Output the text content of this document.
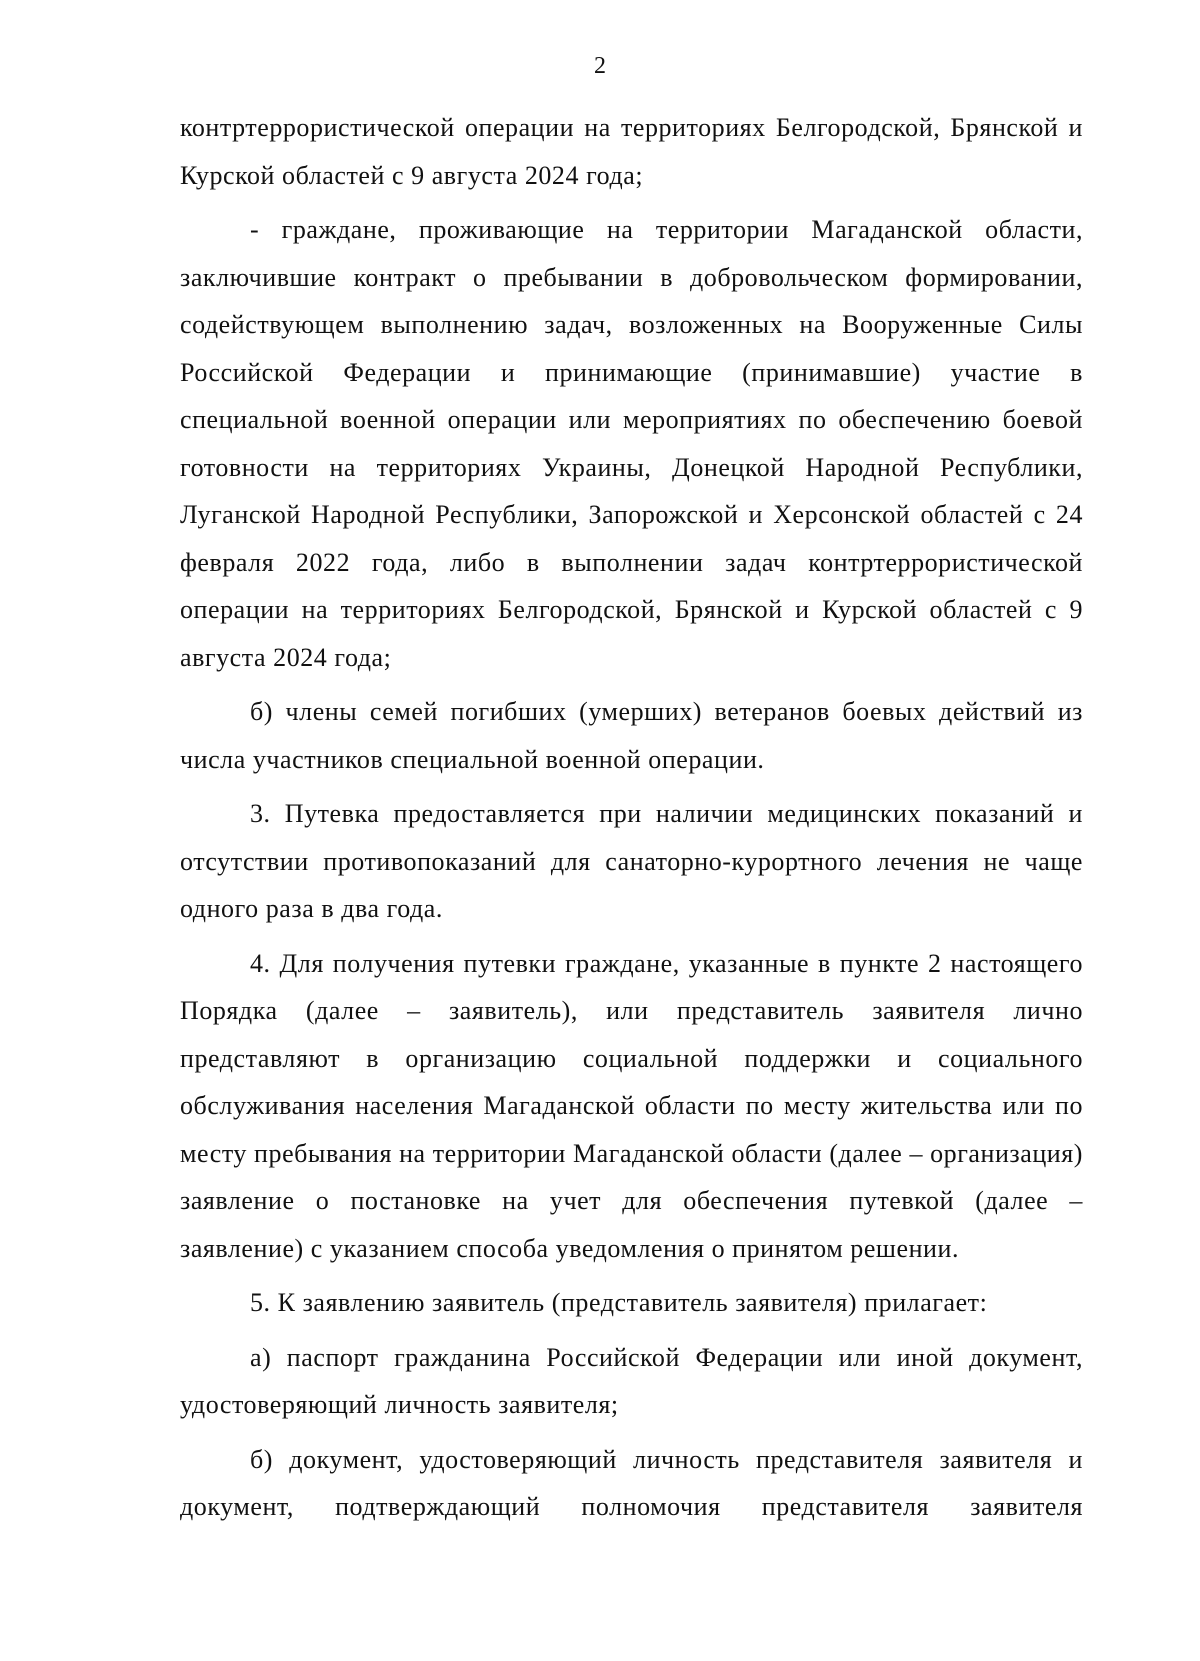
2

контртеррористической операции на территориях Белгородской, Брянской и Курской областей с 9 августа 2024 года;

- граждане, проживающие на территории Магаданской области, заключившие контракт о пребывании в добровольческом формировании, содействующем выполнению задач, возложенных на Вооруженные Силы Российской Федерации и принимающие (принимавшие) участие в специальной военной операции или мероприятиях по обеспечению боевой готовности на территориях Украины, Донецкой Народной Республики, Луганской Народной Республики, Запорожской и Херсонской областей с 24 февраля 2022 года, либо в выполнении задач контртеррористической операции на территориях Белгородской, Брянской и Курской областей с 9 августа 2024 года;

б) члены семей погибших (умерших) ветеранов боевых действий из числа участников специальной военной операции.

3. Путевка предоставляется при наличии медицинских показаний и отсутствии противопоказаний для санаторно-курортного лечения не чаще одного раза в два года.

4. Для получения путевки граждане, указанные в пункте 2 настоящего Порядка (далее – заявитель), или представитель заявителя лично представляют в организацию социальной поддержки и социального обслуживания населения Магаданской области по месту жительства или по месту пребывания на территории Магаданской области (далее – организация) заявление о постановке на учет для обеспечения путевкой (далее – заявление) с указанием способа уведомления о принятом решении.

5. К заявлению заявитель (представитель заявителя) прилагает:

а) паспорт гражданина Российской Федерации или иной документ, удостоверяющий личность заявителя;

б) документ, удостоверяющий личность представителя заявителя и документ, подтверждающий полномочия представителя заявителя
